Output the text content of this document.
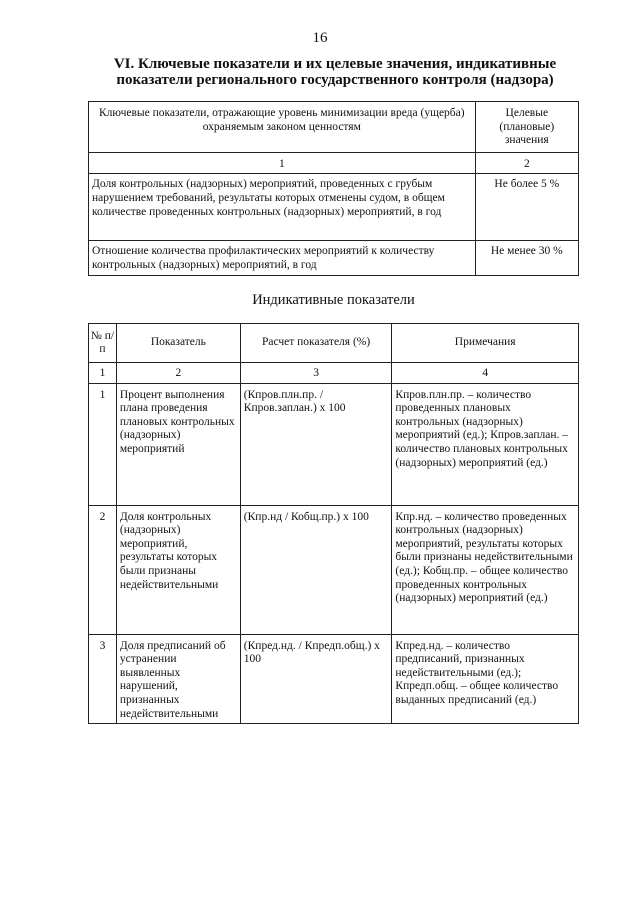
16
VI. Ключевые показатели и их целевые значения, индикативные
показатели регионального государственного контроля (надзора)
Ключевые показатели, отражающие уровень минимизации вреда (ущерба) охраняемым законом ценностям	Целевые (плановые) значения
1	2
Доля контрольных (надзорных) мероприятий, проведенных с грубым нарушением требований, результаты которых отменены судом, в общем количестве проведенных контрольных (надзорных) мероприятий, в год	Не более 5 %
Отношение количества профилактических мероприятий к количеству контрольных (надзорных) мероприятий, в год	Не менее 30 %
Индикативные показатели
№ п/п	Показатель	Расчет показателя (%)	Примечания
1	2	3	4
1	Процент выполнения плана проведения плановых контрольных (надзорных) мероприятий	(Кпров.плн.пр. / Кпров.заплан.) х 100	Кпров.плн.пр. – количество проведенных плановых контрольных (надзорных) мероприятий (ед.); Кпров.заплан. – количество плановых контрольных (надзорных) мероприятий (ед.)
2	Доля контрольных (надзорных) мероприятий, результаты которых были признаны недействительными	(Кпр.нд / Кобщ.пр.) х 100	Кпр.нд. – количество проведенных контрольных (надзорных) мероприятий, результаты которых были признаны недействительными (ед.); Кобщ.пр. – общее количество проведенных контрольных (надзорных) мероприятий (ед.)
3	Доля предписаний об устранении выявленных нарушений, признанных недействительными	(Кпред.нд. / Кпредп.общ.) х 100	Кпред.нд. – количество предписаний, признанных недействительными (ед.); Кпредп.общ. – общее количество выданных предписаний (ед.)
